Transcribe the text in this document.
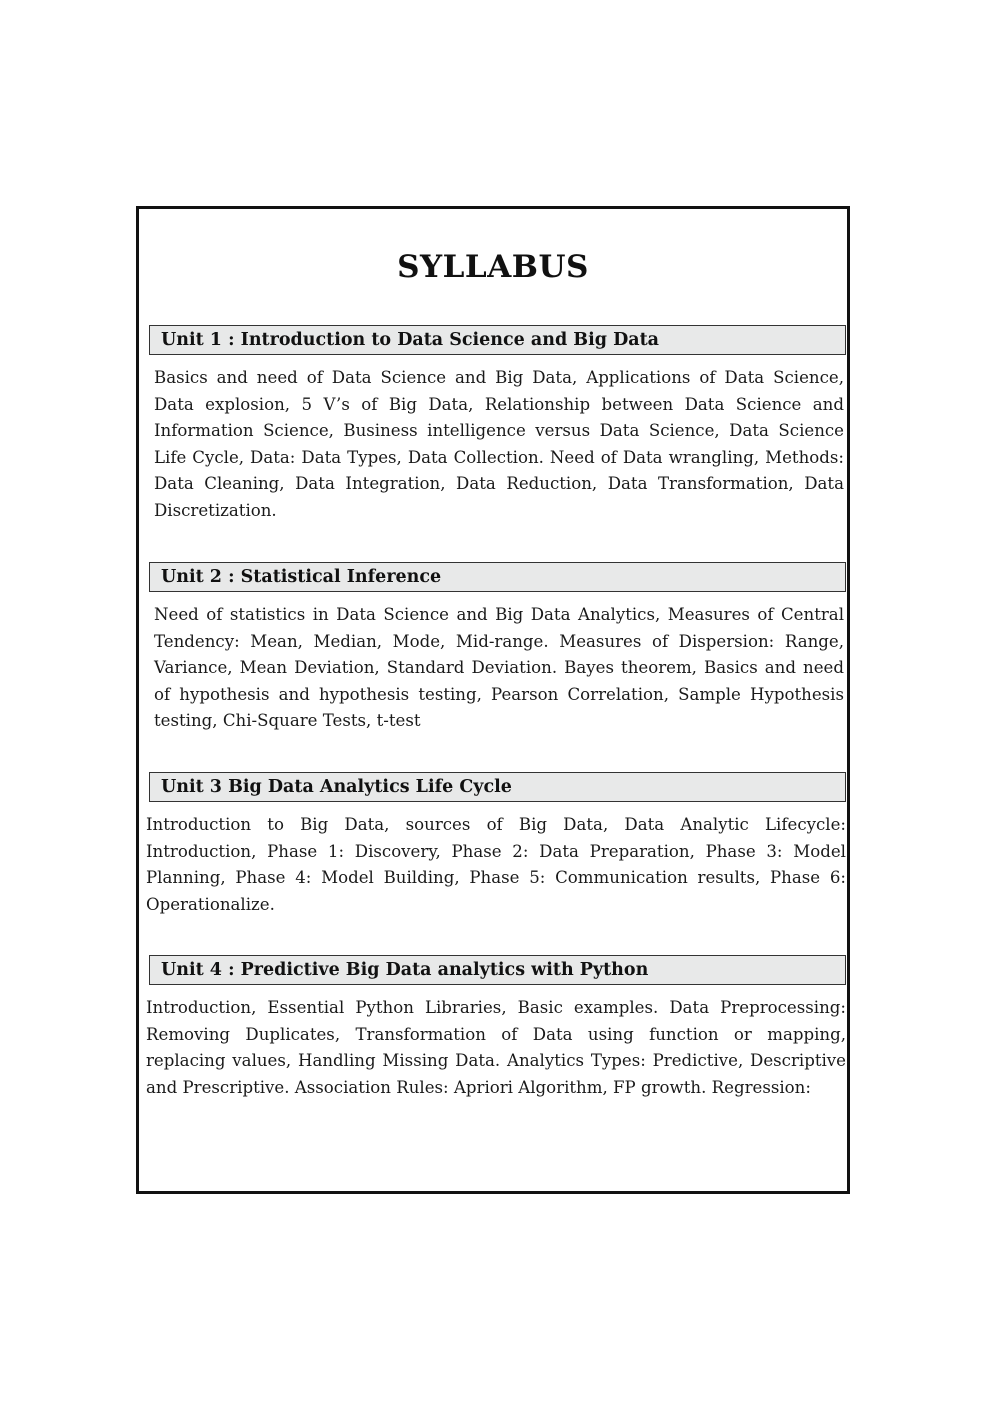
SYLLABUS
Unit 1 : Introduction to Data Science and Big Data

Basics and need of Data Science and Big Data, Applications of Data Science, Data explosion, 5 V’s of Big Data, Relationship between Data Science and Information Science, Business intelligence versus Data Science, Data Science Life Cycle, Data: Data Types, Data Collection. Need of Data wrangling, Methods: Data Cleaning, Data Integration, Data Reduction, Data Transformation, Data Discretization.

Unit 2 : Statistical Inference

Need of statistics in Data Science and Big Data Analytics, Measures of Central Tendency: Mean, Median, Mode, Mid-range. Measures of Dispersion: Range, Variance, Mean Deviation, Standard Deviation. Bayes theorem, Basics and need of hypothesis and hypothesis testing, Pearson Correlation, Sample Hypothesis testing, Chi-Square Tests, t-test

Unit 3 Big Data Analytics Life Cycle

Introduction to Big Data, sources of Big Data, Data Analytic Lifecycle: Introduction, Phase 1: Discovery, Phase 2: Data Preparation, Phase 3: Model Planning, Phase 4: Model Building, Phase 5: Communication results, Phase 6: Operationalize.

Unit 4 : Predictive Big Data analytics with Python

Introduction, Essential Python Libraries, Basic examples. Data Preprocessing: Removing Duplicates, Transformation of Data using function or mapping, replacing values, Handling Missing Data. Analytics Types: Predictive, Descriptive and Prescriptive. Association Rules: Apriori Algorithm, FP growth. Regression:
